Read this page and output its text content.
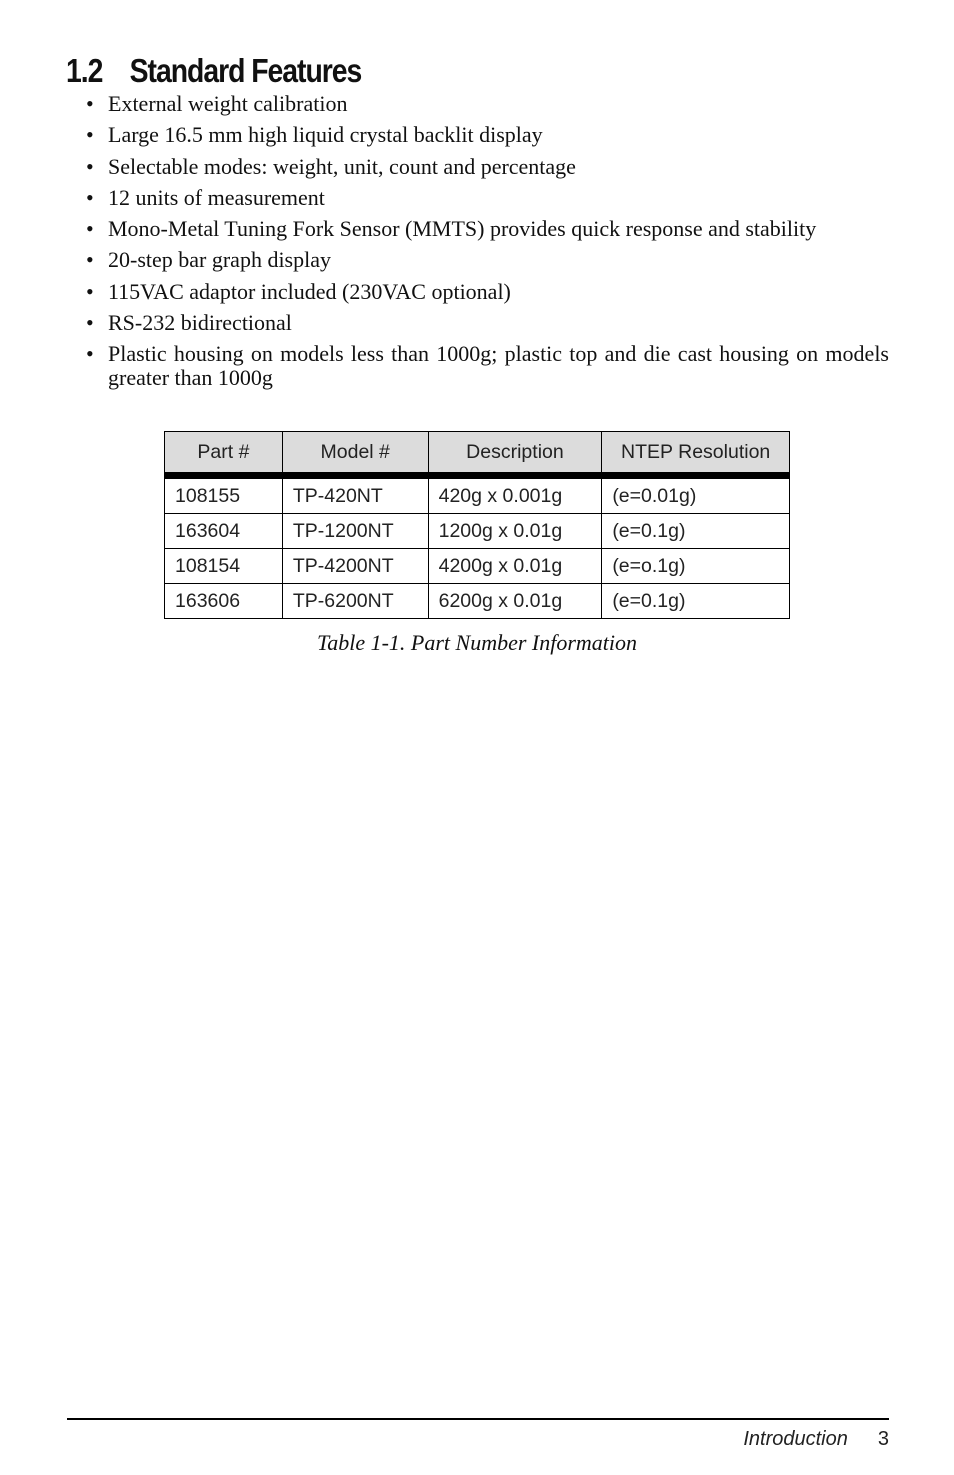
1.2 Standard Features
• External weight calibration
• Large 16.5 mm high liquid crystal backlit display
• Selectable modes: weight, unit, count and percentage
• 12 units of measurement
• Mono-Metal Tuning Fork Sensor (MMTS) provides quick response and stability
• 20-step bar graph display
• 115VAC adaptor included (230VAC optional)
• RS-232 bidirectional
• Plastic housing on models less than 1000g; plastic top and die cast housing on models greater than 1000g
Part #	Model #	Description	NTEP Resolution
108155	TP-420NT	420g x 0.001g	(e=0.01g)
163604	TP-1200NT	1200g x 0.01g	(e=0.1g)
108154	TP-4200NT	4200g x 0.01g	(e=o.1g)
163606	TP-6200NT	6200g x 0.01g	(e=0.1g)
Table 1-1. Part Number Information
Introduction 3
